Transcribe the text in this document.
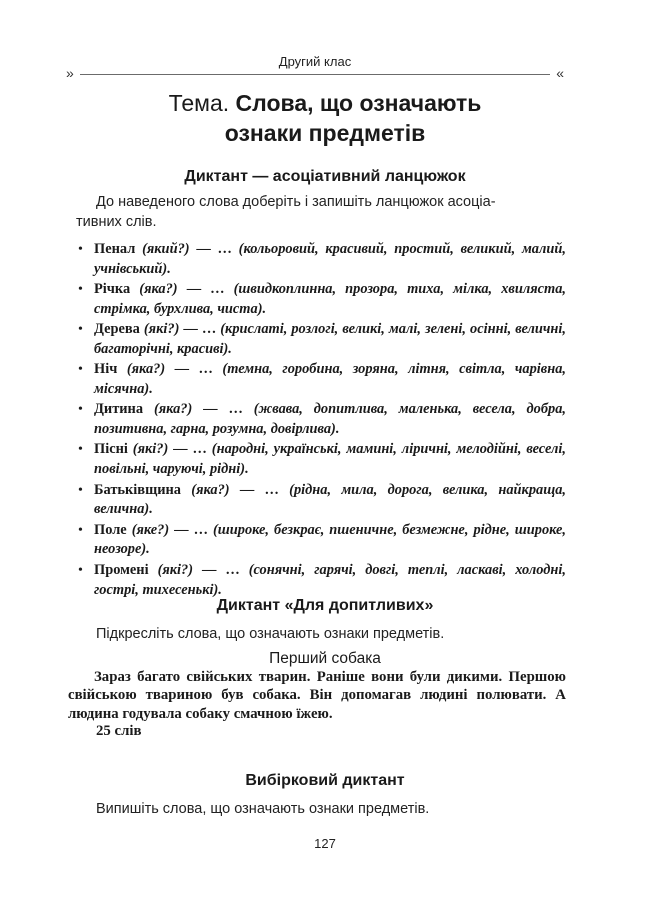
»
Другий клас
«
Тема. Слова, що означають
ознаки предметів
Диктант — асоціативний ланцюжок
До наведеного слова доберіть і запишіть ланцюжок асоціа-
тивних слів.
• Пенал (який?) — … (кольоровий, красивий, простий, великий, малий, учнівський).
• Річка (яка?) — … (швидкоплинна, прозора, тиха, мілка, хвиляста, стрімка, бурхлива, чиста).
• Дерева (які?) — … (крислаті, розлогі, великі, малі, зелені, осінні, величні, багаторічні, красиві).
• Ніч (яка?) — … (темна, горобина, зоряна, літня, світла, чарівна, місячна).
• Дитина (яка?) — … (жвава, допитлива, маленька, весела, добра, позитивна, гарна, розумна, довірлива).
• Пісні (які?) — … (народні, українські, мамині, ліричні, мелодійні, веселі, повільні, чаруючі, рідні).
• Батьківщина (яка?) — … (рідна, мила, дорога, велика, найкраща, велична).
• Поле (яке?) — … (широке, безкрає, пшеничне, безмежне, рідне, широке, неозоре).
• Промені (які?) — … (сонячні, гарячі, довгі, теплі, ласкаві, холодні, гострі, тихесенькі).
Диктант «Для допитливих»
Підкресліть слова, що означають ознаки предметів.
Перший собака
Зараз багато свійських тварин. Раніше вони були дикими. Першою свійською твариною був собака. Він допомагав людині полювати. А людина годувала собаку смачною їжею.
25 слів
Вибірковий диктант
Випишіть слова, що означають ознаки предметів.
127
